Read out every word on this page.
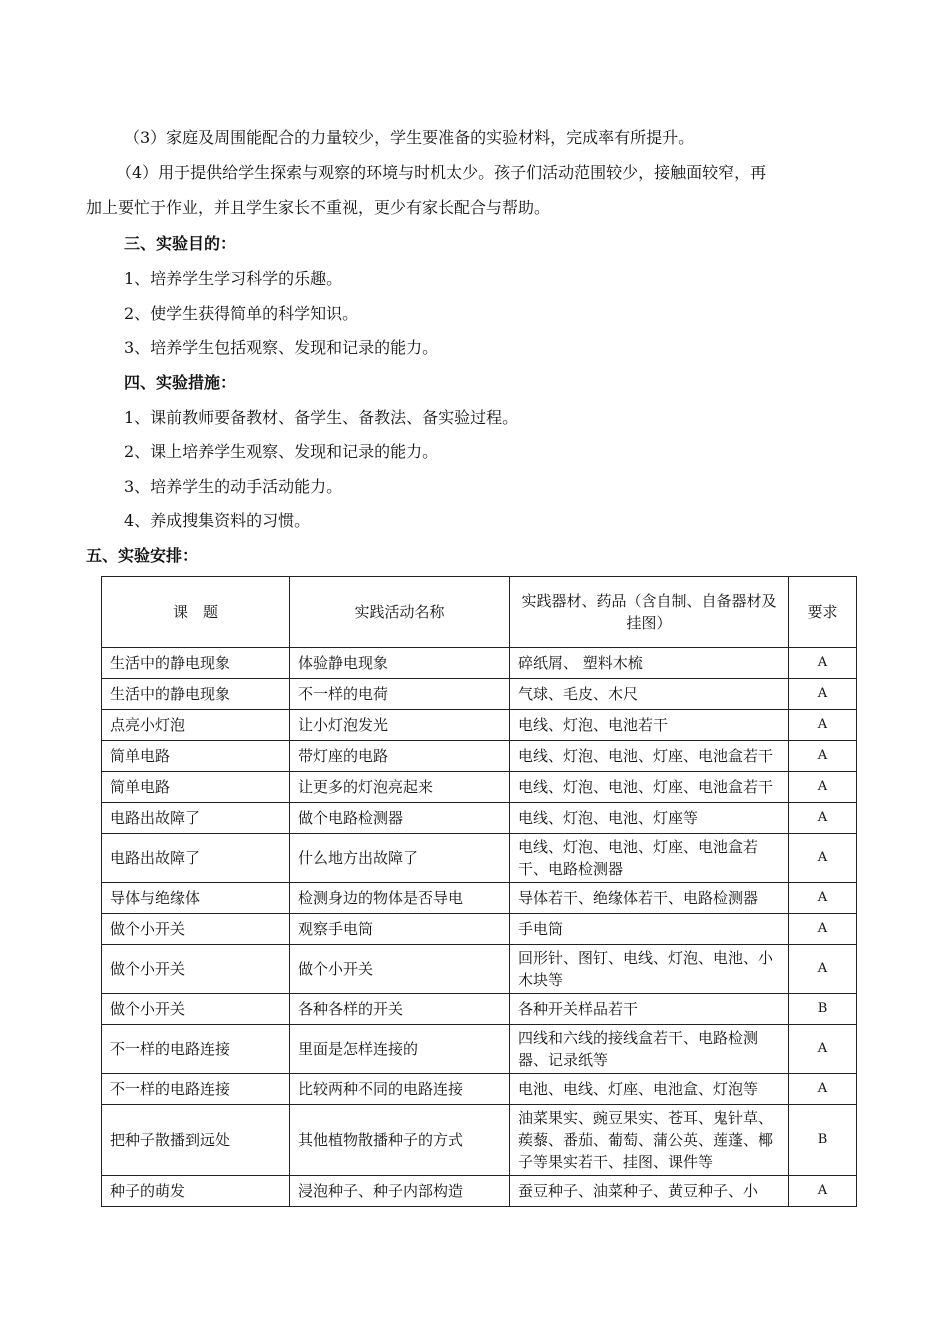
（3）家庭及周围能配合的力量较少，学生要准备的实验材料，完成率有所提升。
（4）用于提供给学生探索与观察的环境与时机太少。孩子们活动范围较少，接触面较窄，再
加上要忙于作业，并且学生家长不重视，更少有家长配合与帮助。
三、实验目的：
1、培养学生学习科学的乐趣。
2、使学生获得简单的科学知识。
3、培养学生包括观察、发现和记录的能力。
四、实验措施：
1、课前教师要备教材、备学生、备教法、备实验过程。
2、课上培养学生观察、发现和记录的能力。
3、培养学生的动手活动能力。
4、养成搜集资料的习惯。
五、实验安排：
课　题	实践活动名称	实践器材、药品（含自制、自备器材及挂图）	要求
生活中的静电现象	体验静电现象	碎纸屑、 塑料木梳	A
生活中的静电现象	不一样的电荷	气球、毛皮、木尺	A
点亮小灯泡	让小灯泡发光	电线、灯泡、电池若干	A
简单电路	带灯座的电路	电线、灯泡、电池、灯座、电池盒若干	A
简单电路	让更多的灯泡亮起来	电线、灯泡、电池、灯座、电池盒若干	A
电路出故障了	做个电路检测器	电线、灯泡、电池、灯座等	A
电路出故障了	什么地方出故障了	电线、灯泡、电池、灯座、电池盒若干、电路检测器	A
导体与绝缘体	检测身边的物体是否导电	导体若干、绝缘体若干、电路检测器	A
做个小开关	观察手电筒	手电筒	A
做个小开关	做个小开关	回形针、图钉、电线、灯泡、电池、小木块等	A
做个小开关	各种各样的开关	各种开关样品若干	B
不一样的电路连接	里面是怎样连接的	四线和六线的接线盒若干、电路检测器、记录纸等	A
不一样的电路连接	比较两种不同的电路连接	电池、电线、灯座、电池盒、灯泡等	A
把种子散播到远处	其他植物散播种子的方式	油菜果实、豌豆果实、苍耳、鬼针草、蒺藜、番茄、葡萄、蒲公英、莲蓬、椰子等果实若干、挂图、课件等	B
种子的萌发	浸泡种子、种子内部构造	蚕豆种子、油菜种子、黄豆种子、小	A
